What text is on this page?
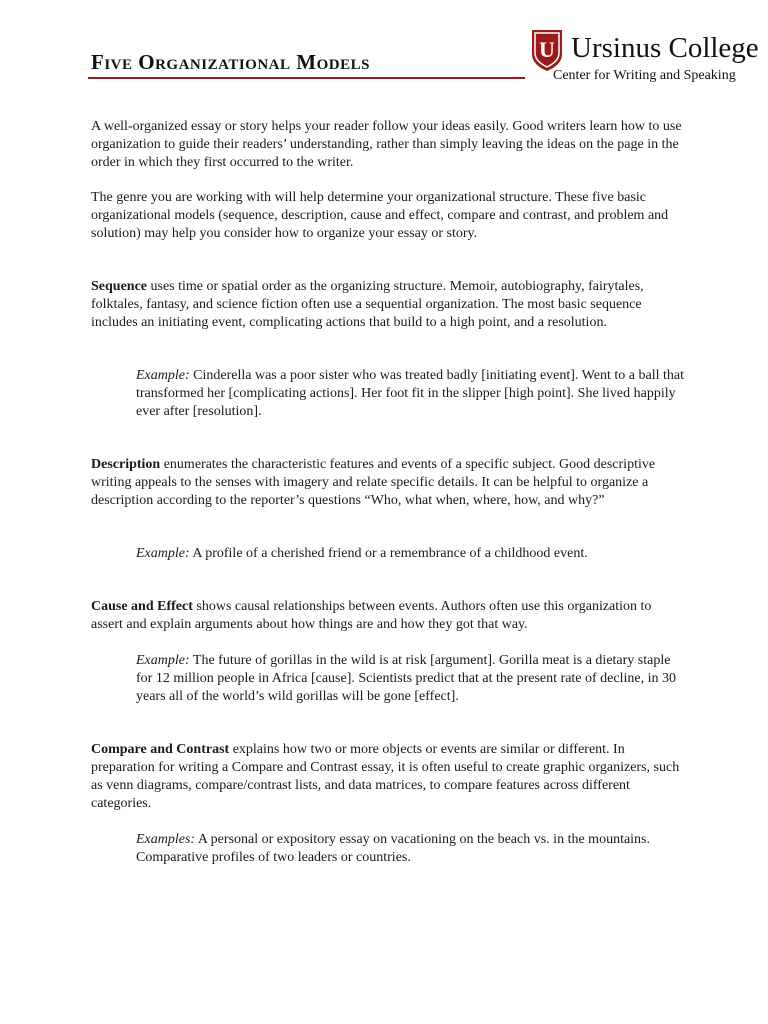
Five Organizational Models	U Ursinus College
Center for Writing and Speaking

A well-organized essay or story helps your reader follow your ideas easily. Good writers learn how to use organization to guide their readers’ understanding, rather than simply leaving the ideas on the page in the order in which they first occurred to the writer.

The genre you are working with will help determine your organizational structure. These five basic organizational models (sequence, description, cause and effect, compare and contrast, and problem and solution) may help you consider how to organize your essay or story.

Sequence uses time or spatial order as the organizing structure. Memoir, autobiography, fairytales, folktales, fantasy, and science fiction often use a sequential organization. The most basic sequence includes an initiating event, complicating actions that build to a high point, and a resolution.

Example: Cinderella was a poor sister who was treated badly [initiating event]. Went to a ball that transformed her [complicating actions]. Her foot fit in the slipper [high point]. She lived happily ever after [resolution].

Description enumerates the characteristic features and events of a specific subject. Good descriptive writing appeals to the senses with imagery and relate specific details. It can be helpful to organize a description according to the reporter’s questions “Who, what when, where, how, and why?”

Example: A profile of a cherished friend or a remembrance of a childhood event.

Cause and Effect shows causal relationships between events. Authors often use this organization to assert and explain arguments about how things are and how they got that way.

Example: The future of gorillas in the wild is at risk [argument]. Gorilla meat is a dietary staple for 12 million people in Africa [cause]. Scientists predict that at the present rate of decline, in 30 years all of the world’s wild gorillas will be gone [effect].

Compare and Contrast explains how two or more objects or events are similar or different. In preparation for writing a Compare and Contrast essay, it is often useful to create graphic organizers, such as venn diagrams, compare/contrast lists, and data matrices, to compare features across different categories.

Examples: A personal or expository essay on vacationing on the beach vs. in the mountains. Comparative profiles of two leaders or countries.
